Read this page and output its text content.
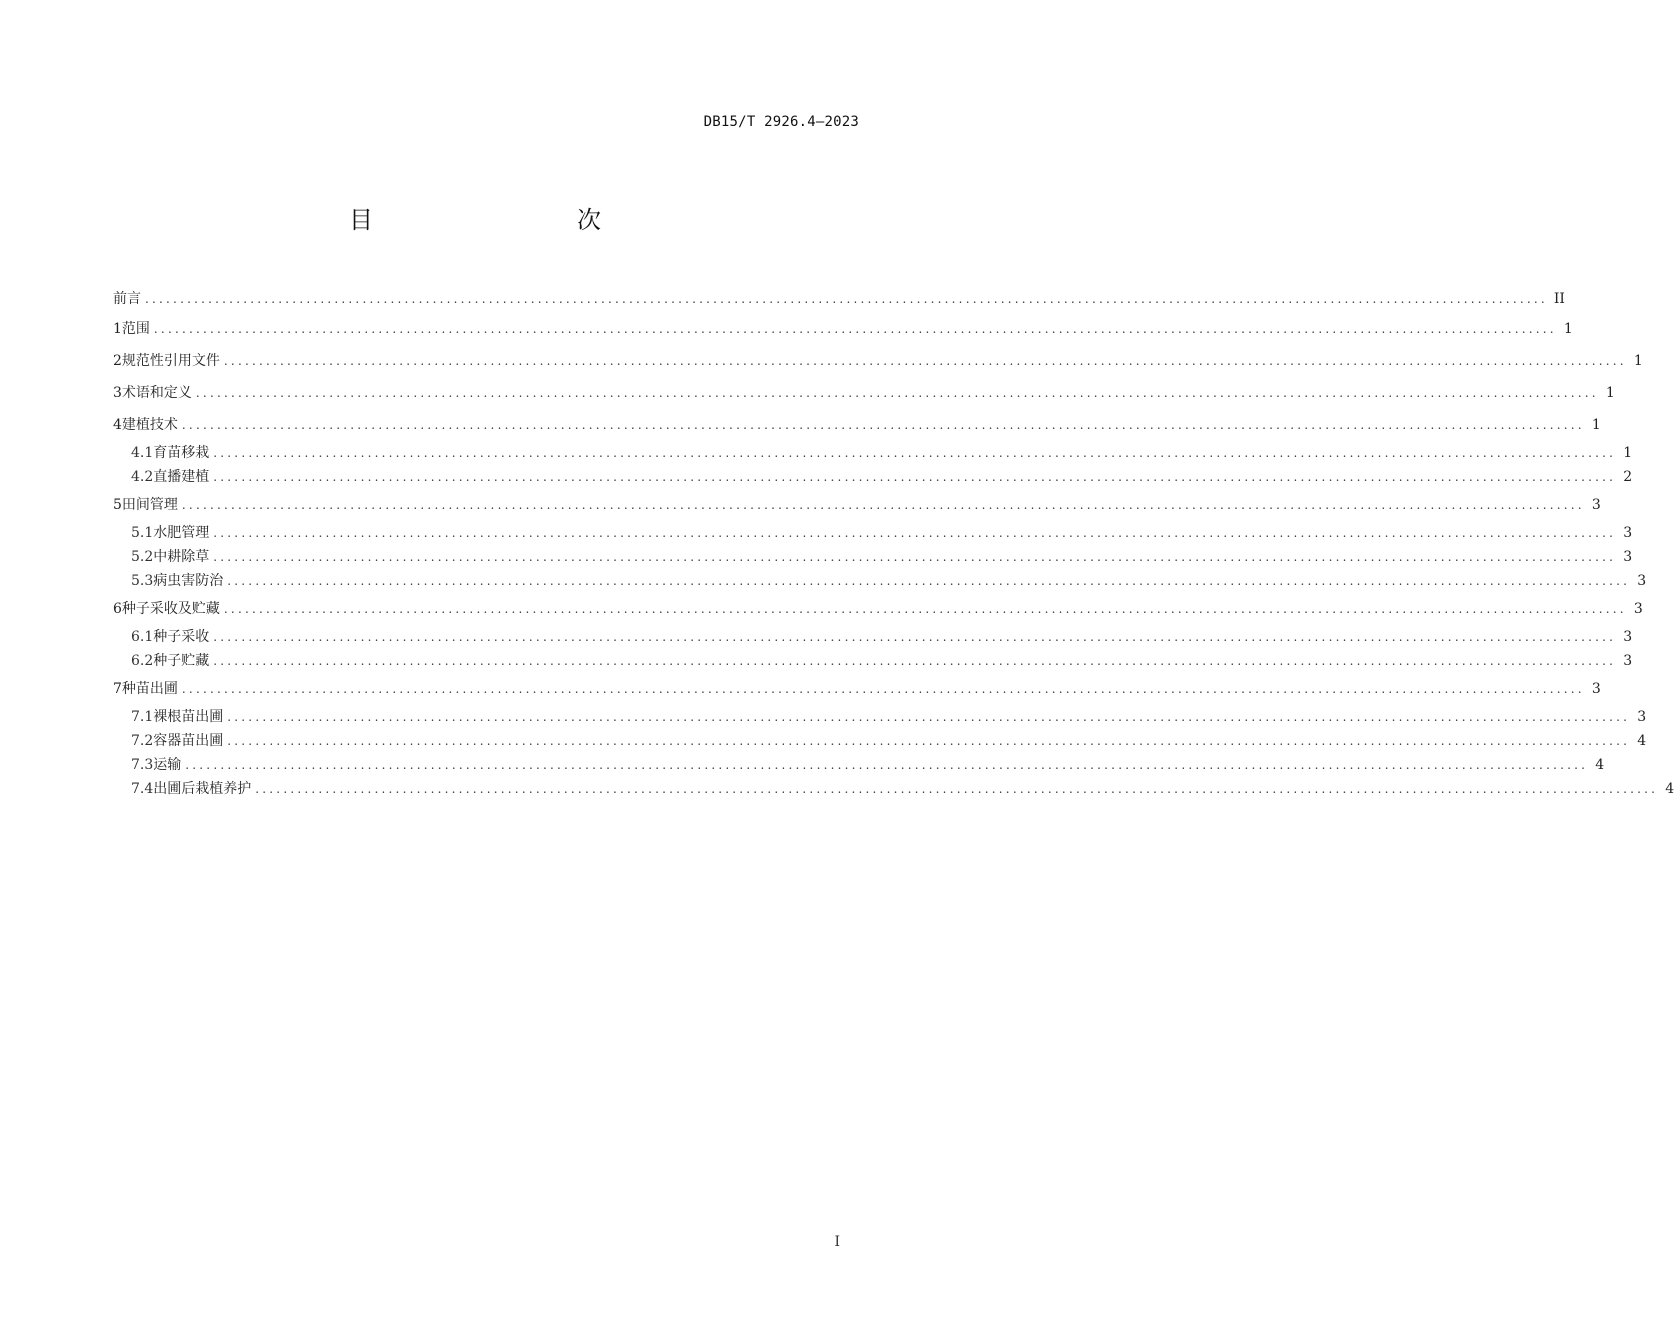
DB15/T 2926.4—2023
目　　次
前言 ........................................................................................................................................................................................................ II
1 范围 ........................................................................................................................................................................................................ 1
2 规范性引用文件 ........................................................................................................................................................................................................ 1
3 术语和定义 ........................................................................................................................................................................................................ 1
4 建植技术 ........................................................................................................................................................................................................ 1
4.1 育苗移栽 ........................................................................................................................................................................................................ 1
4.2 直播建植 ........................................................................................................................................................................................................ 2
5 田间管理 ........................................................................................................................................................................................................ 3
5.1 水肥管理 ........................................................................................................................................................................................................ 3
5.2 中耕除草 ........................................................................................................................................................................................................ 3
5.3 病虫害防治 ........................................................................................................................................................................................................ 3
6 种子采收及贮藏 ........................................................................................................................................................................................................ 3
6.1 种子采收 ........................................................................................................................................................................................................ 3
6.2 种子贮藏 ........................................................................................................................................................................................................ 3
7 种苗出圃 ........................................................................................................................................................................................................ 3
7.1 裸根苗出圃 ........................................................................................................................................................................................................ 3
7.2 容器苗出圃 ........................................................................................................................................................................................................ 4
7.3 运输 ........................................................................................................................................................................................................ 4
7.4 出圃后栽植养护 ........................................................................................................................................................................................................ 4
I
